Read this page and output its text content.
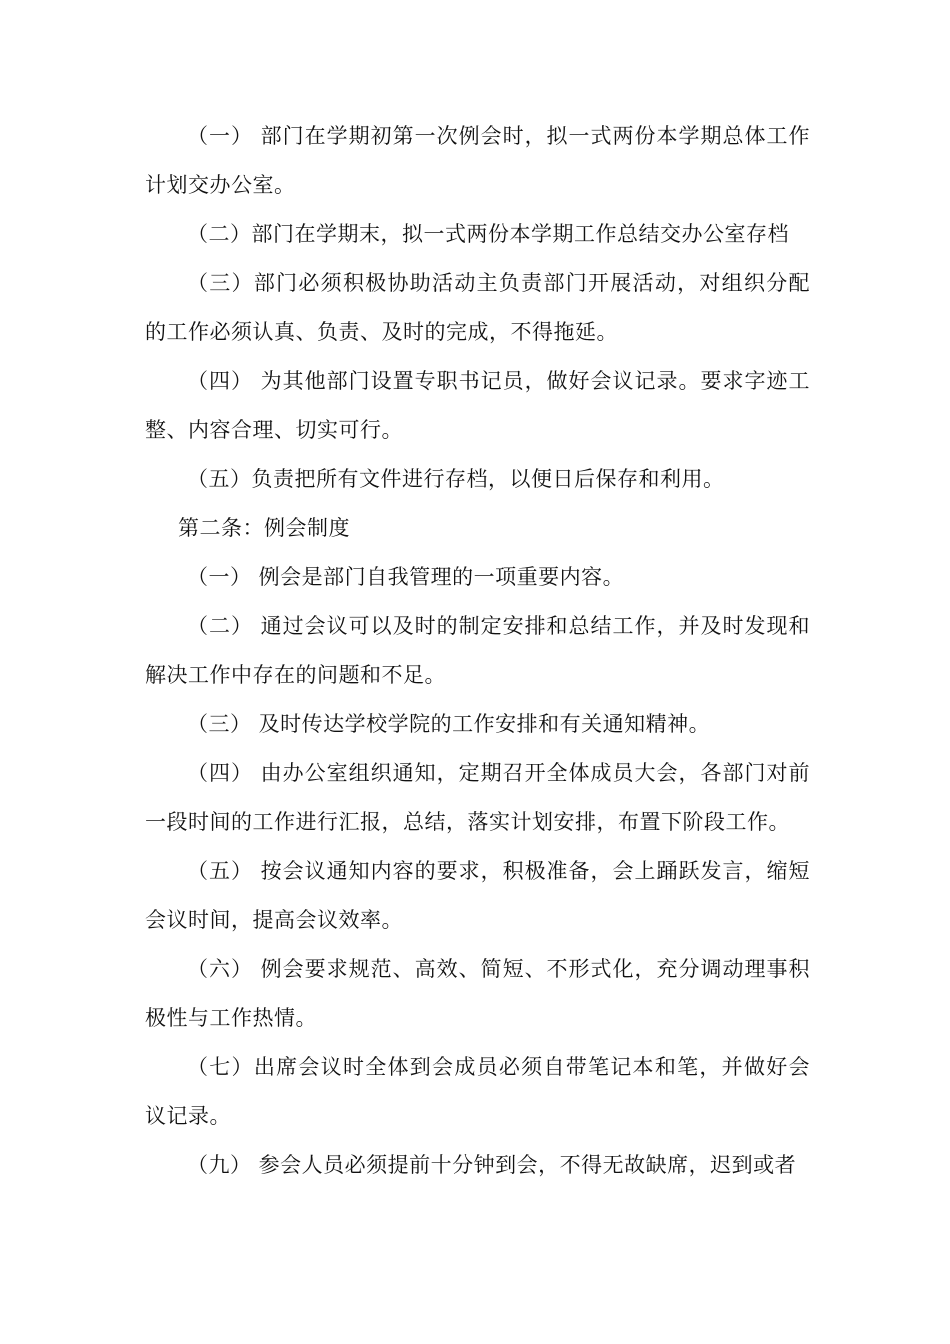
（一） 部门在学期初第一次例会时，拟一式两份本学期总体工作计划交办公室。

（二）部门在学期末，拟一式两份本学期工作总结交办公室存档

（三）部门必须积极协助活动主负责部门开展活动，对组织分配的工作必须认真、负责、及时的完成，不得拖延。

（四） 为其他部门设置专职书记员，做好会议记录。要求字迹工整、内容合理、切实可行。

（五）负责把所有文件进行存档，以便日后保存和利用。

第二条：例会制度

（一） 例会是部门自我管理的一项重要内容。

（二） 通过会议可以及时的制定安排和总结工作，并及时发现和解决工作中存在的问题和不足。

（三） 及时传达学校学院的工作安排和有关通知精神。

（四） 由办公室组织通知，定期召开全体成员大会，各部门对前一段时间的工作进行汇报，总结，落实计划安排，布置下阶段工作。

（五） 按会议通知内容的要求，积极准备，会上踊跃发言，缩短会议时间，提高会议效率。

（六） 例会要求规范、高效、简短、不形式化，充分调动理事积极性与工作热情。

（七）出席会议时全体到会成员必须自带笔记本和笔，并做好会议记录。

（九） 参会人员必须提前十分钟到会，不得无故缺席，迟到或者
